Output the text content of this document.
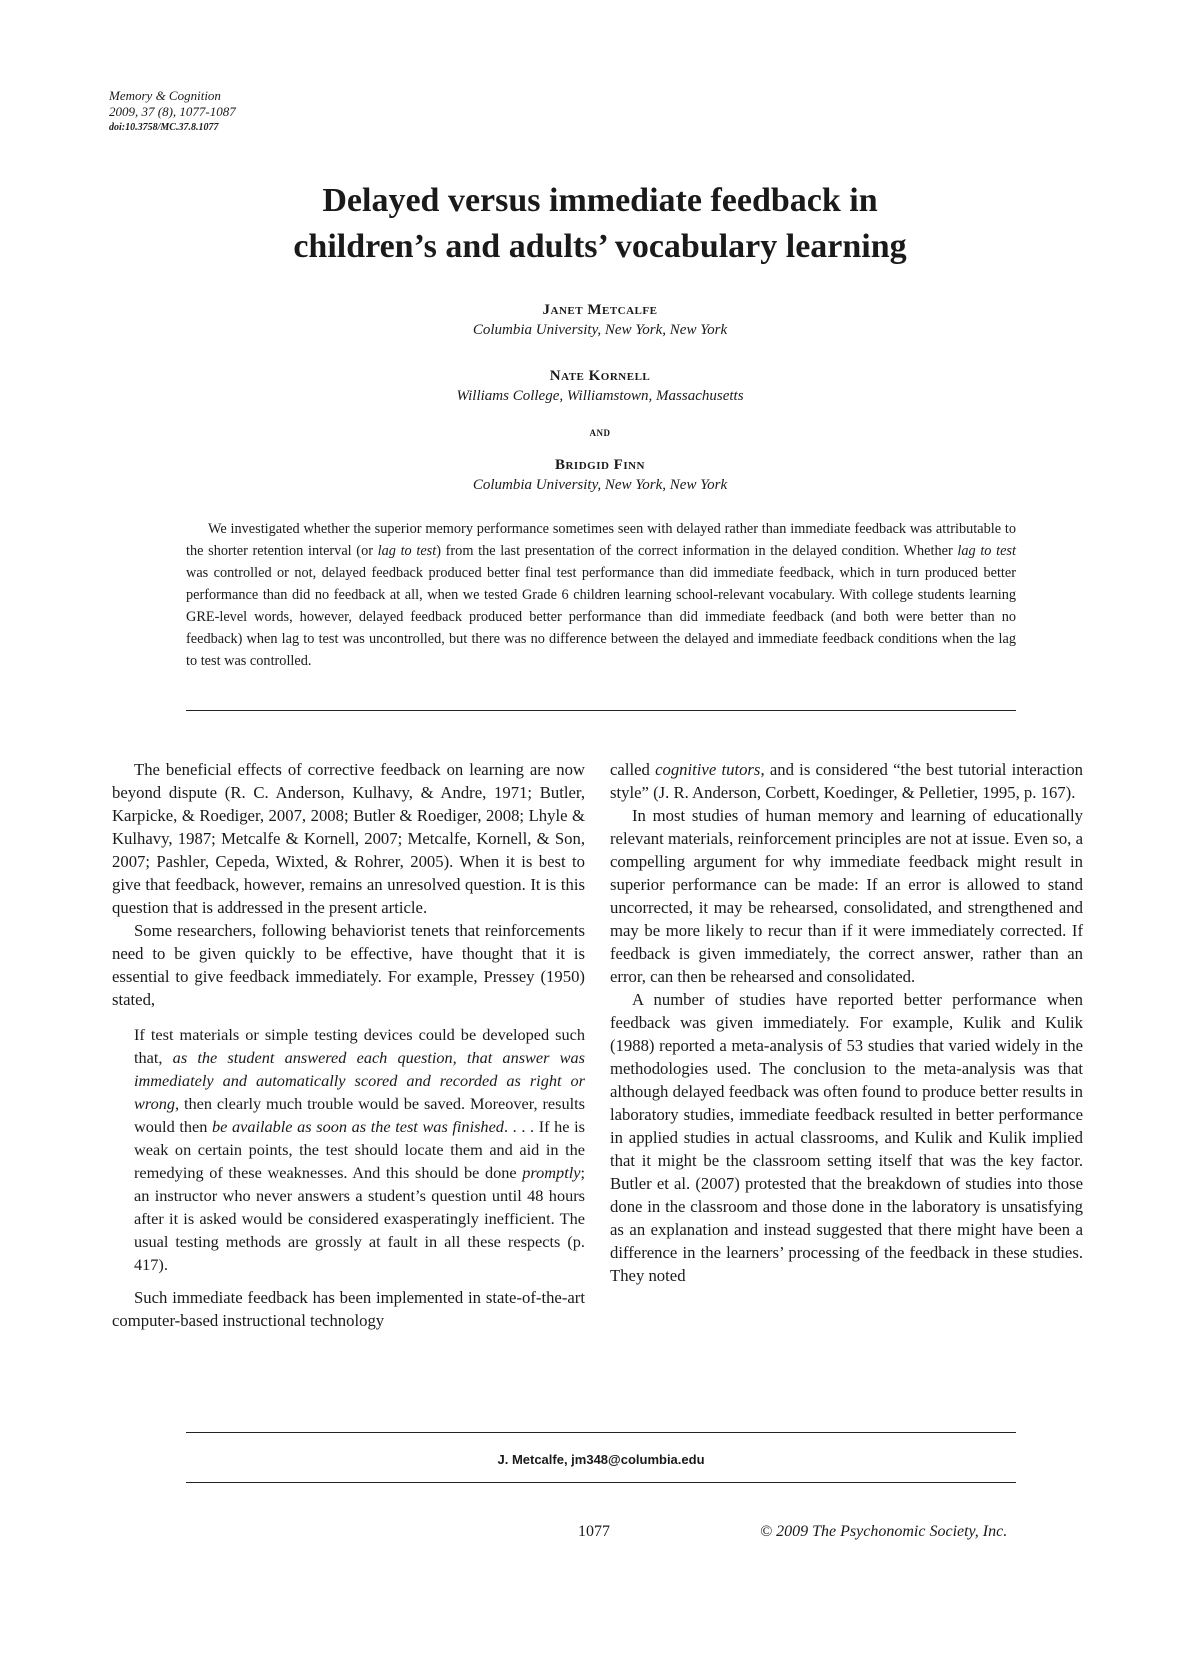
Memory & Cognition
2009, 37 (8), 1077-1087
doi:10.3758/MC.37.8.1077
Delayed versus immediate feedback in
children’s and adults’ vocabulary learning
Janet Metcalfe
Columbia University, New York, New York
Nate Kornell
Williams College, Williamstown, Massachusetts
and
Bridgid Finn
Columbia University, New York, New York
We investigated whether the superior memory performance sometimes seen with delayed rather than immediate feedback was attributable to the shorter retention interval (or lag to test) from the last presentation of the correct information in the delayed condition. Whether lag to test was controlled or not, delayed feedback produced better final test performance than did immediate feedback, which in turn produced better performance than did no feedback at all, when we tested Grade 6 children learning school-relevant vocabulary. With college students learning GRE-level words, however, delayed feedback produced better performance than did immediate feedback (and both were better than no feedback) when lag to test was uncontrolled, but there was no difference between the delayed and immediate feedback conditions when the lag to test was controlled.

The beneficial effects of corrective feedback on learning are now beyond dispute (R. C. Anderson, Kulhavy, & Andre, 1971; Butler, Karpicke, & Roediger, 2007, 2008; Butler & Roediger, 2008; Lhyle & Kulhavy, 1987; Metcalfe & Kornell, 2007; Metcalfe, Kornell, & Son, 2007; Pashler, Cepeda, Wixted, & Rohrer, 2005). When it is best to give that feedback, however, remains an unresolved question. It is this question that is addressed in the present article.

Some researchers, following behaviorist tenets that reinforcements need to be given quickly to be effective, have thought that it is essential to give feedback immediately. For example, Pressey (1950) stated,

If test materials or simple testing devices could be developed such that, as the student answered each question, that answer was immediately and automatically scored and recorded as right or wrong, then clearly much trouble would be saved. Moreover, results would then be available as soon as the test was finished. . . . If he is weak on certain points, the test should locate them and aid in the remedying of these weaknesses. And this should be done promptly; an instructor who never answers a student’s question until 48 hours after it is asked would be considered exasperatingly inefficient. The usual testing methods are grossly at fault in all these respects (p. 417).

Such immediate feedback has been implemented in state-of-the-art computer-based instructional technology

called cognitive tutors, and is considered “the best tutorial interaction style” (J. R. Anderson, Corbett, Koedinger, & Pelletier, 1995, p. 167).

In most studies of human memory and learning of educationally relevant materials, reinforcement principles are not at issue. Even so, a compelling argument for why immediate feedback might result in superior performance can be made: If an error is allowed to stand uncorrected, it may be rehearsed, consolidated, and strengthened and may be more likely to recur than if it were immediately corrected. If feedback is given immediately, the correct answer, rather than an error, can then be rehearsed and consolidated.

A number of studies have reported better performance when feedback was given immediately. For example, Kulik and Kulik (1988) reported a meta-analysis of 53 studies that varied widely in the methodologies used. The conclusion to the meta-analysis was that although delayed feedback was often found to produce better results in laboratory studies, immediate feedback resulted in better performance in applied studies in actual classrooms, and Kulik and Kulik implied that it might be the classroom setting itself that was the key factor. Butler et al. (2007) protested that the breakdown of studies into those done in the classroom and those done in the laboratory is unsatisfying as an explanation and instead suggested that there might have been a difference in the learners’ processing of the feedback in these studies. They noted

J. Metcalfe, jm348@columbia.edu
1077	© 2009 The Psychonomic Society, Inc.
